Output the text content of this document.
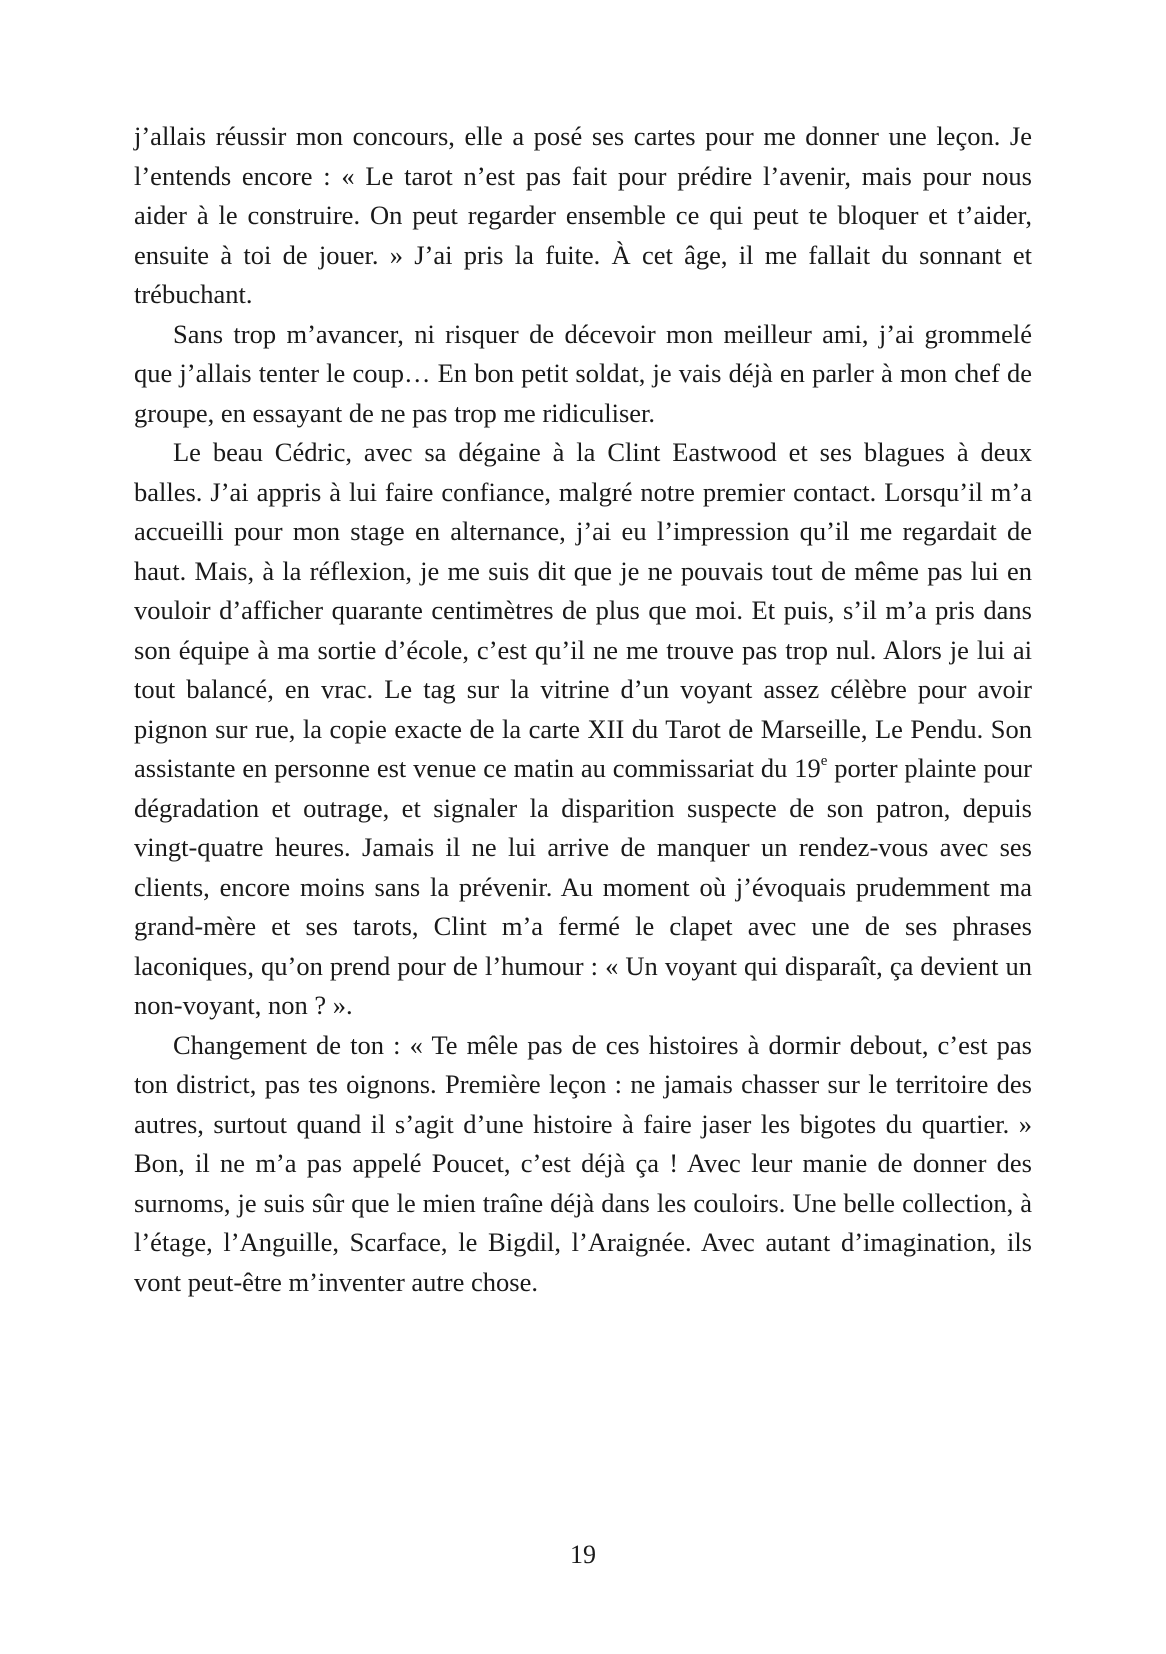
j’allais réussir mon concours, elle a posé ses cartes pour me donner une leçon. Je l’entends encore : « Le tarot n’est pas fait pour prédire l’avenir, mais pour nous aider à le construire. On peut regarder ensemble ce qui peut te bloquer et t’aider, ensuite à toi de jouer. » J’ai pris la fuite. À cet âge, il me fallait du sonnant et trébuchant.

Sans trop m’avancer, ni risquer de décevoir mon meilleur ami, j’ai grommelé que j’allais tenter le coup… En bon petit soldat, je vais déjà en parler à mon chef de groupe, en essayant de ne pas trop me ridiculiser.

Le beau Cédric, avec sa dégaine à la Clint Eastwood et ses blagues à deux balles. J’ai appris à lui faire confiance, malgré notre premier contact. Lorsqu’il m’a accueilli pour mon stage en alternance, j’ai eu l’impression qu’il me regardait de haut. Mais, à la réflexion, je me suis dit que je ne pouvais tout de même pas lui en vouloir d’afficher quarante centimètres de plus que moi. Et puis, s’il m’a pris dans son équipe à ma sortie d’école, c’est qu’il ne me trouve pas trop nul. Alors je lui ai tout balancé, en vrac. Le tag sur la vitrine d’un voyant assez célèbre pour avoir pignon sur rue, la copie exacte de la carte XII du Tarot de Marseille, Le Pendu. Son assistante en personne est venue ce matin au commissariat du 19e porter plainte pour dégradation et outrage, et signaler la disparition suspecte de son patron, depuis vingt-quatre heures. Jamais il ne lui arrive de manquer un rendez-vous avec ses clients, encore moins sans la prévenir. Au moment où j’évoquais prudemment ma grand-mère et ses tarots, Clint m’a fermé le clapet avec une de ses phrases laconiques, qu’on prend pour de l’humour : « Un voyant qui disparaît, ça devient un non-voyant, non ? ».

Changement de ton : « Te mêle pas de ces histoires à dormir debout, c’est pas ton district, pas tes oignons. Première leçon : ne jamais chasser sur le territoire des autres, surtout quand il s’agit d’une histoire à faire jaser les bigotes du quartier. » Bon, il ne m’a pas appelé Poucet, c’est déjà ça ! Avec leur manie de donner des surnoms, je suis sûr que le mien traîne déjà dans les couloirs. Une belle collection, à l’étage, l’Anguille, Scarface, le Bigdil, l’Araignée. Avec autant d’imagination, ils vont peut-être m’inventer autre chose.

19
